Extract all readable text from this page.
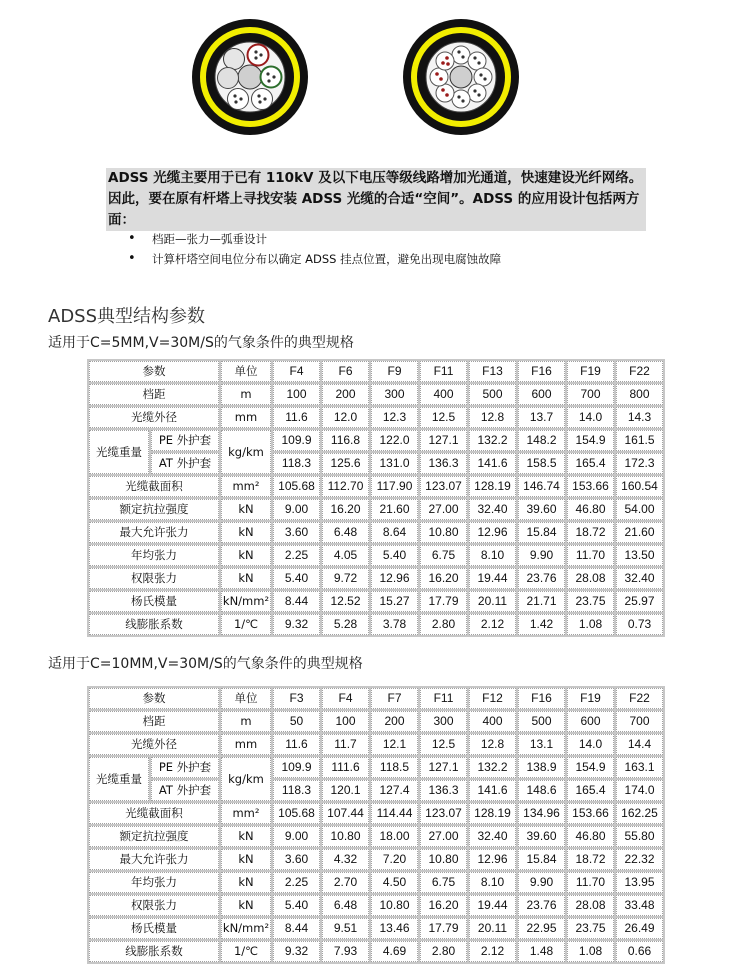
ADSS 光缆主要用于已有 110kV 及以下电压等级线路增加光通道，快速建设光纤网络。因此，要在原有杆塔上寻找安装 ADSS 光缆的合适“空间”。ADSS 的应用设计包括两方面：
• 档距—张力—弧垂设计
• 计算杆塔空间电位分布以确定 ADSS 挂点位置，避免出现电腐蚀故障
ADSS典型结构参数
适用于C=5MM,V=30M/S的气象条件的典型规格
参数		单位	F4	F6	F9	F11	F13	F16	F19	F22
档距		m	100	200	300	400	500	600	700	800
光缆外径		mm	11.6	12.0	12.3	12.5	12.8	13.7	14.0	14.3
光缆重量	PE 外护套	kg/km	109.9	116.8	122.0	127.1	132.2	148.2	154.9	161.5
	AT 外护套		118.3	125.6	131.0	136.3	141.6	158.5	165.4	172.3
光缆截面积		mm²	105.68	112.70	117.90	123.07	128.19	146.74	153.66	160.54
额定抗拉强度		kN	9.00	16.20	21.60	27.00	32.40	39.60	46.80	54.00
最大允许张力		kN	3.60	6.48	8.64	10.80	12.96	15.84	18.72	21.60
年均张力		kN	2.25	4.05	5.40	6.75	8.10	9.90	11.70	13.50
权限张力		kN	5.40	9.72	12.96	16.20	19.44	23.76	28.08	32.40
杨氏模量		kN/mm²	8.44	12.52	15.27	17.79	20.11	21.71	23.75	25.97
线膨胀系数		1/℃	9.32	5.28	3.78	2.80	2.12	1.42	1.08	0.73
适用于C=10MM,V=30M/S的气象条件的典型规格
参数		单位	F3	F4	F7	F11	F12	F16	F19	F22
档距		m	50	100	200	300	400	500	600	700
光缆外径		mm	11.6	11.7	12.1	12.5	12.8	13.1	14.0	14.4
光缆重量	PE 外护套	kg/km	109.9	111.6	118.5	127.1	132.2	138.9	154.9	163.1
	AT 外护套		118.3	120.1	127.4	136.3	141.6	148.6	165.4	174.0
光缆截面积		mm²	105.68	107.44	114.44	123.07	128.19	134.96	153.66	162.25
额定抗拉强度		kN	9.00	10.80	18.00	27.00	32.40	39.60	46.80	55.80
最大允许张力		kN	3.60	4.32	7.20	10.80	12.96	15.84	18.72	22.32
年均张力		kN	2.25	2.70	4.50	6.75	8.10	9.90	11.70	13.95
权限张力		kN	5.40	6.48	10.80	16.20	19.44	23.76	28.08	33.48
杨氏模量		kN/mm²	8.44	9.51	13.46	17.79	20.11	22.95	23.75	26.49
线膨胀系数		1/℃	9.32	7.93	4.69	2.80	2.12	1.48	1.08	0.66
